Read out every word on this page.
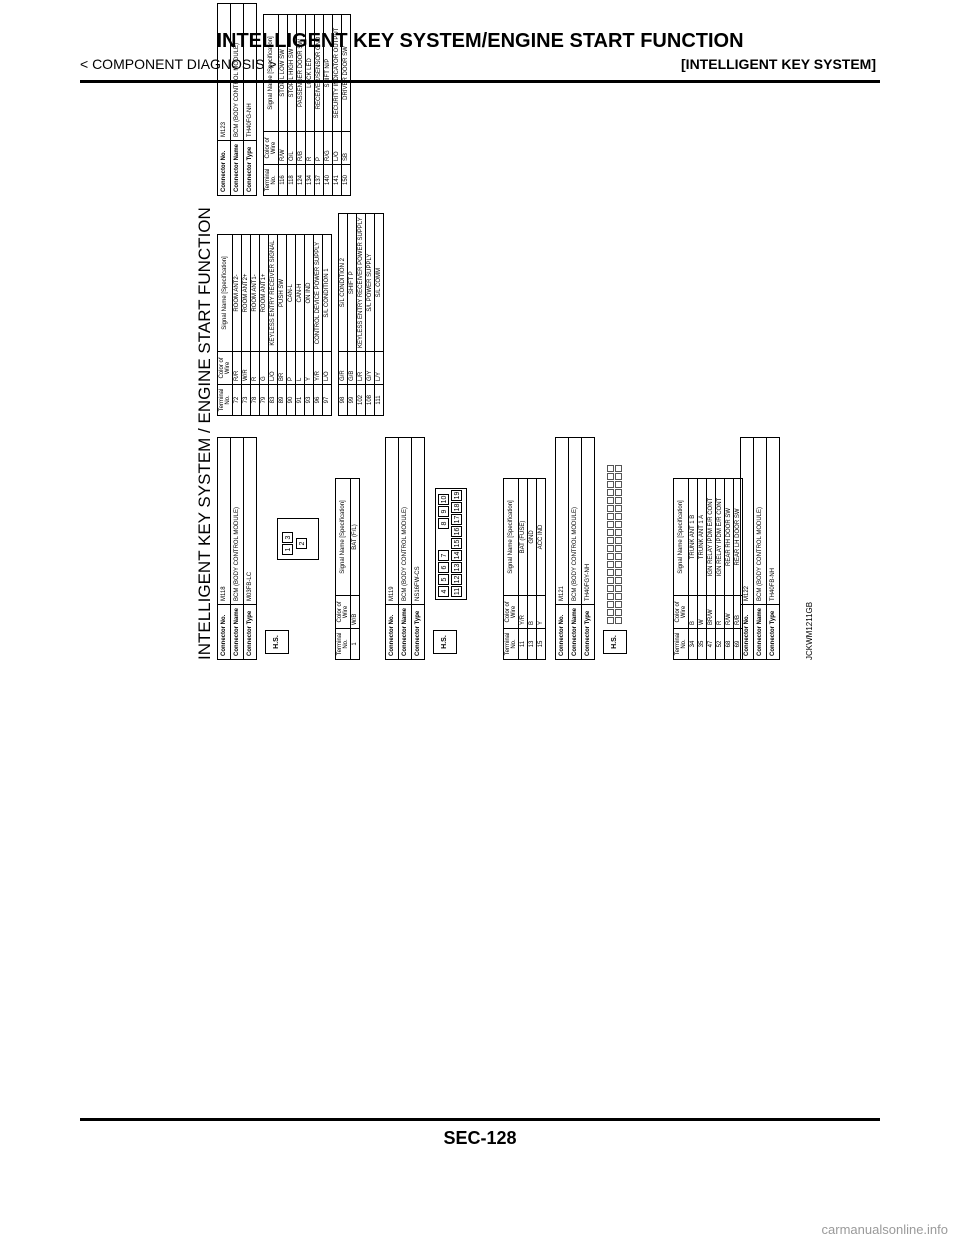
INTELLIGENT KEY SYSTEM/ENGINE START FUNCTION
< COMPONENT DIAGNOSIS >	[INTELLIGENT KEY SYSTEM]
INTELLIGENT KEY SYSTEM / ENGINE START FUNCTION Connector No.	M118
Connector Name	BCM (BODY CONTROL MODULE)
Connector Type	M03FB-LC
H.S.
1
3
2
Terminal No.	Color of Wire	Signal Name [Specification]
1	W/B	BAT (F/L)
Connector No.	M119
Connector Name	BCM (BODY CONTROL MODULE)
Connector Type	NS16FW-CS
H.S.
4
5
6
7
8
9
10
11
12
13
14
15
16
17
18
19
Terminal No.	Color of Wire	Signal Name [Specification]
11	Y/R	BAT (FUSE)
13	B	GND
15	Y	ACC IND
Connector No.	M121
Connector Name	BCM (BODY CONTROL MODULE)
Connector Type	TH40FGY-NH
H.S.	Terminal No.	Color of Wire	Signal Name [Specification]
34	B	TRUNK ANT 1 B
35	W	TRUNK ANT 1 A
47	BR/W	IGN RELAY IPDM E/R CONT
52	R	IGN RELAY IPDM E/R CONT
68	R/W	REAR RH DOOR SW
69	R/B	REAR LH DOOR SW
Connector No.	M122
Connector Name	BCM (BODY CONTROL MODULE)
Connector Type	TH40FB-NH
Terminal No.	Color of Wire	Signal Name [Specification]
72	R/R	ROOM ANT2-
73	W/R	ROOM ANT2+
78	R	ROOM ANT1-
79	G	ROOM ANT1+
83	L/O	KEYLESS ENTRY RECEIVER SIGNAL
89	BR	PUSH SW
90	P	CAN-L
91	L	CAN-H
93	Y	ON IND
96	Y/R	CONTROL DEVICE POWER SUPPLY
97	L/O	S/L CONDITION 1
98	G/R	S/L CONDITION 2
99	G/B	SHIFT P
102	L/R	KEYLESS ENTRY RECEIVER POWER SUPPLY
108	G/Y	S/L POWER SUPPLY
111	L/Y	S/L COMM
Connector No.	M123
Connector Name	BCM (BODY CONTROL MODULE)
Connector Type	TH40FG-NH
Terminal No.	Color of Wire	Signal Name [Specification]
116	R/W	STOP L LOW SW
118	O/L	STOP L HIGH SW
124	R/B	PASSENGER DOOR SW
134	R	LOCK LED
137	P	RECEIVER/SENSOR GND
140	R/G	SHIFT N/P
141	L/O	SECURITY INDICATOR OUTPUT
150	SB	DRIVER DOOR SW

JCKWM1211GB
SEC-128
carmanualsonline.info
